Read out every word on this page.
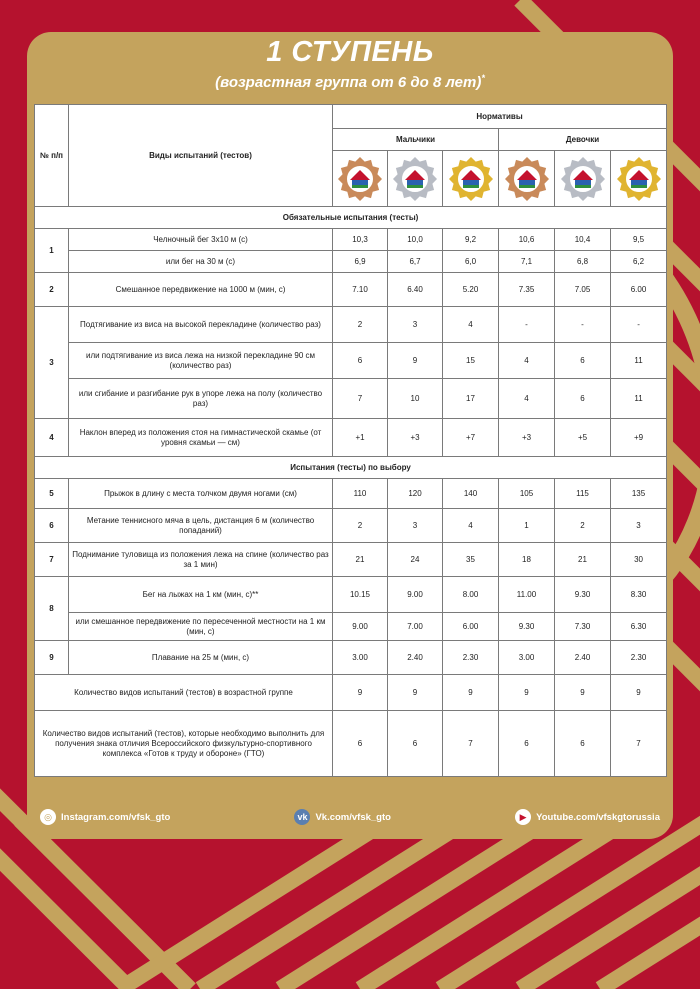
1 СТУПЕНЬ
(возрастная группа от 6 до 8 лет)*
№ п/п	Виды испытаний (тестов)	Нормативы					
		Мальчики			Девочки		

Обязательные испытания (тесты)							
1	Челночный бег 3х10 м (с)	10,3	10,0	9,2	10,6	10,4	9,5
	или бег на 30 м (с)	6,9	6,7	6,0	7,1	6,8	6,2
2	Смешанное передвижение на 1000 м (мин, с)	7.10	6.40	5.20	7.35	7.05	6.00
3	Подтягивание из виса на высокой перекладине (количество раз)	2	3	4	-	-	-
	или подтягивание из виса лежа на низкой перекладине 90 см (количество раз)	6	9	15	4	6	11
	или сгибание и разгибание рук в упоре лежа на полу (количество раз)	7	10	17	4	6	11
4	Наклон вперед из положения стоя на гимнастической скамье (от уровня скамьи — см)	+1	+3	+7	+3	+5	+9
Испытания (тесты) по выбору							
5	Прыжок в длину с места толчком двумя ногами (см)	110	120	140	105	115	135
6	Метание теннисного мяча в цель, дистанция 6 м (количество попаданий)	2	3	4	1	2	3
7	Поднимание туловища из положения лежа на спине (количество раз за 1 мин)	21	24	35	18	21	30
8	Бег на лыжах на 1 км (мин, с)**	10.15	9.00	8.00	11.00	9.30	8.30
	или смешанное передвижение по пересеченной местности на 1 км (мин, с)	9.00	7.00	6.00	9.30	7.30	6.30
9	Плавание на 25 м (мин, с)	3.00	2.40	2.30	3.00	2.40	2.30
Количество видов испытаний (тестов) в возрастной группе		9	9	9	9	9	9
Количество видов испытаний (тестов), которые необходимо выполнить для получения знака отличия Всероссийского физкультурно-спортивного комплекса «Готов к труду и обороне» (ГТО)		6	6	7	6	6	7
◎ Instagram.com/vfsk_gto	vk Vk.com/vfsk_gto	▶	Youtube.com/vfskgtorussia
